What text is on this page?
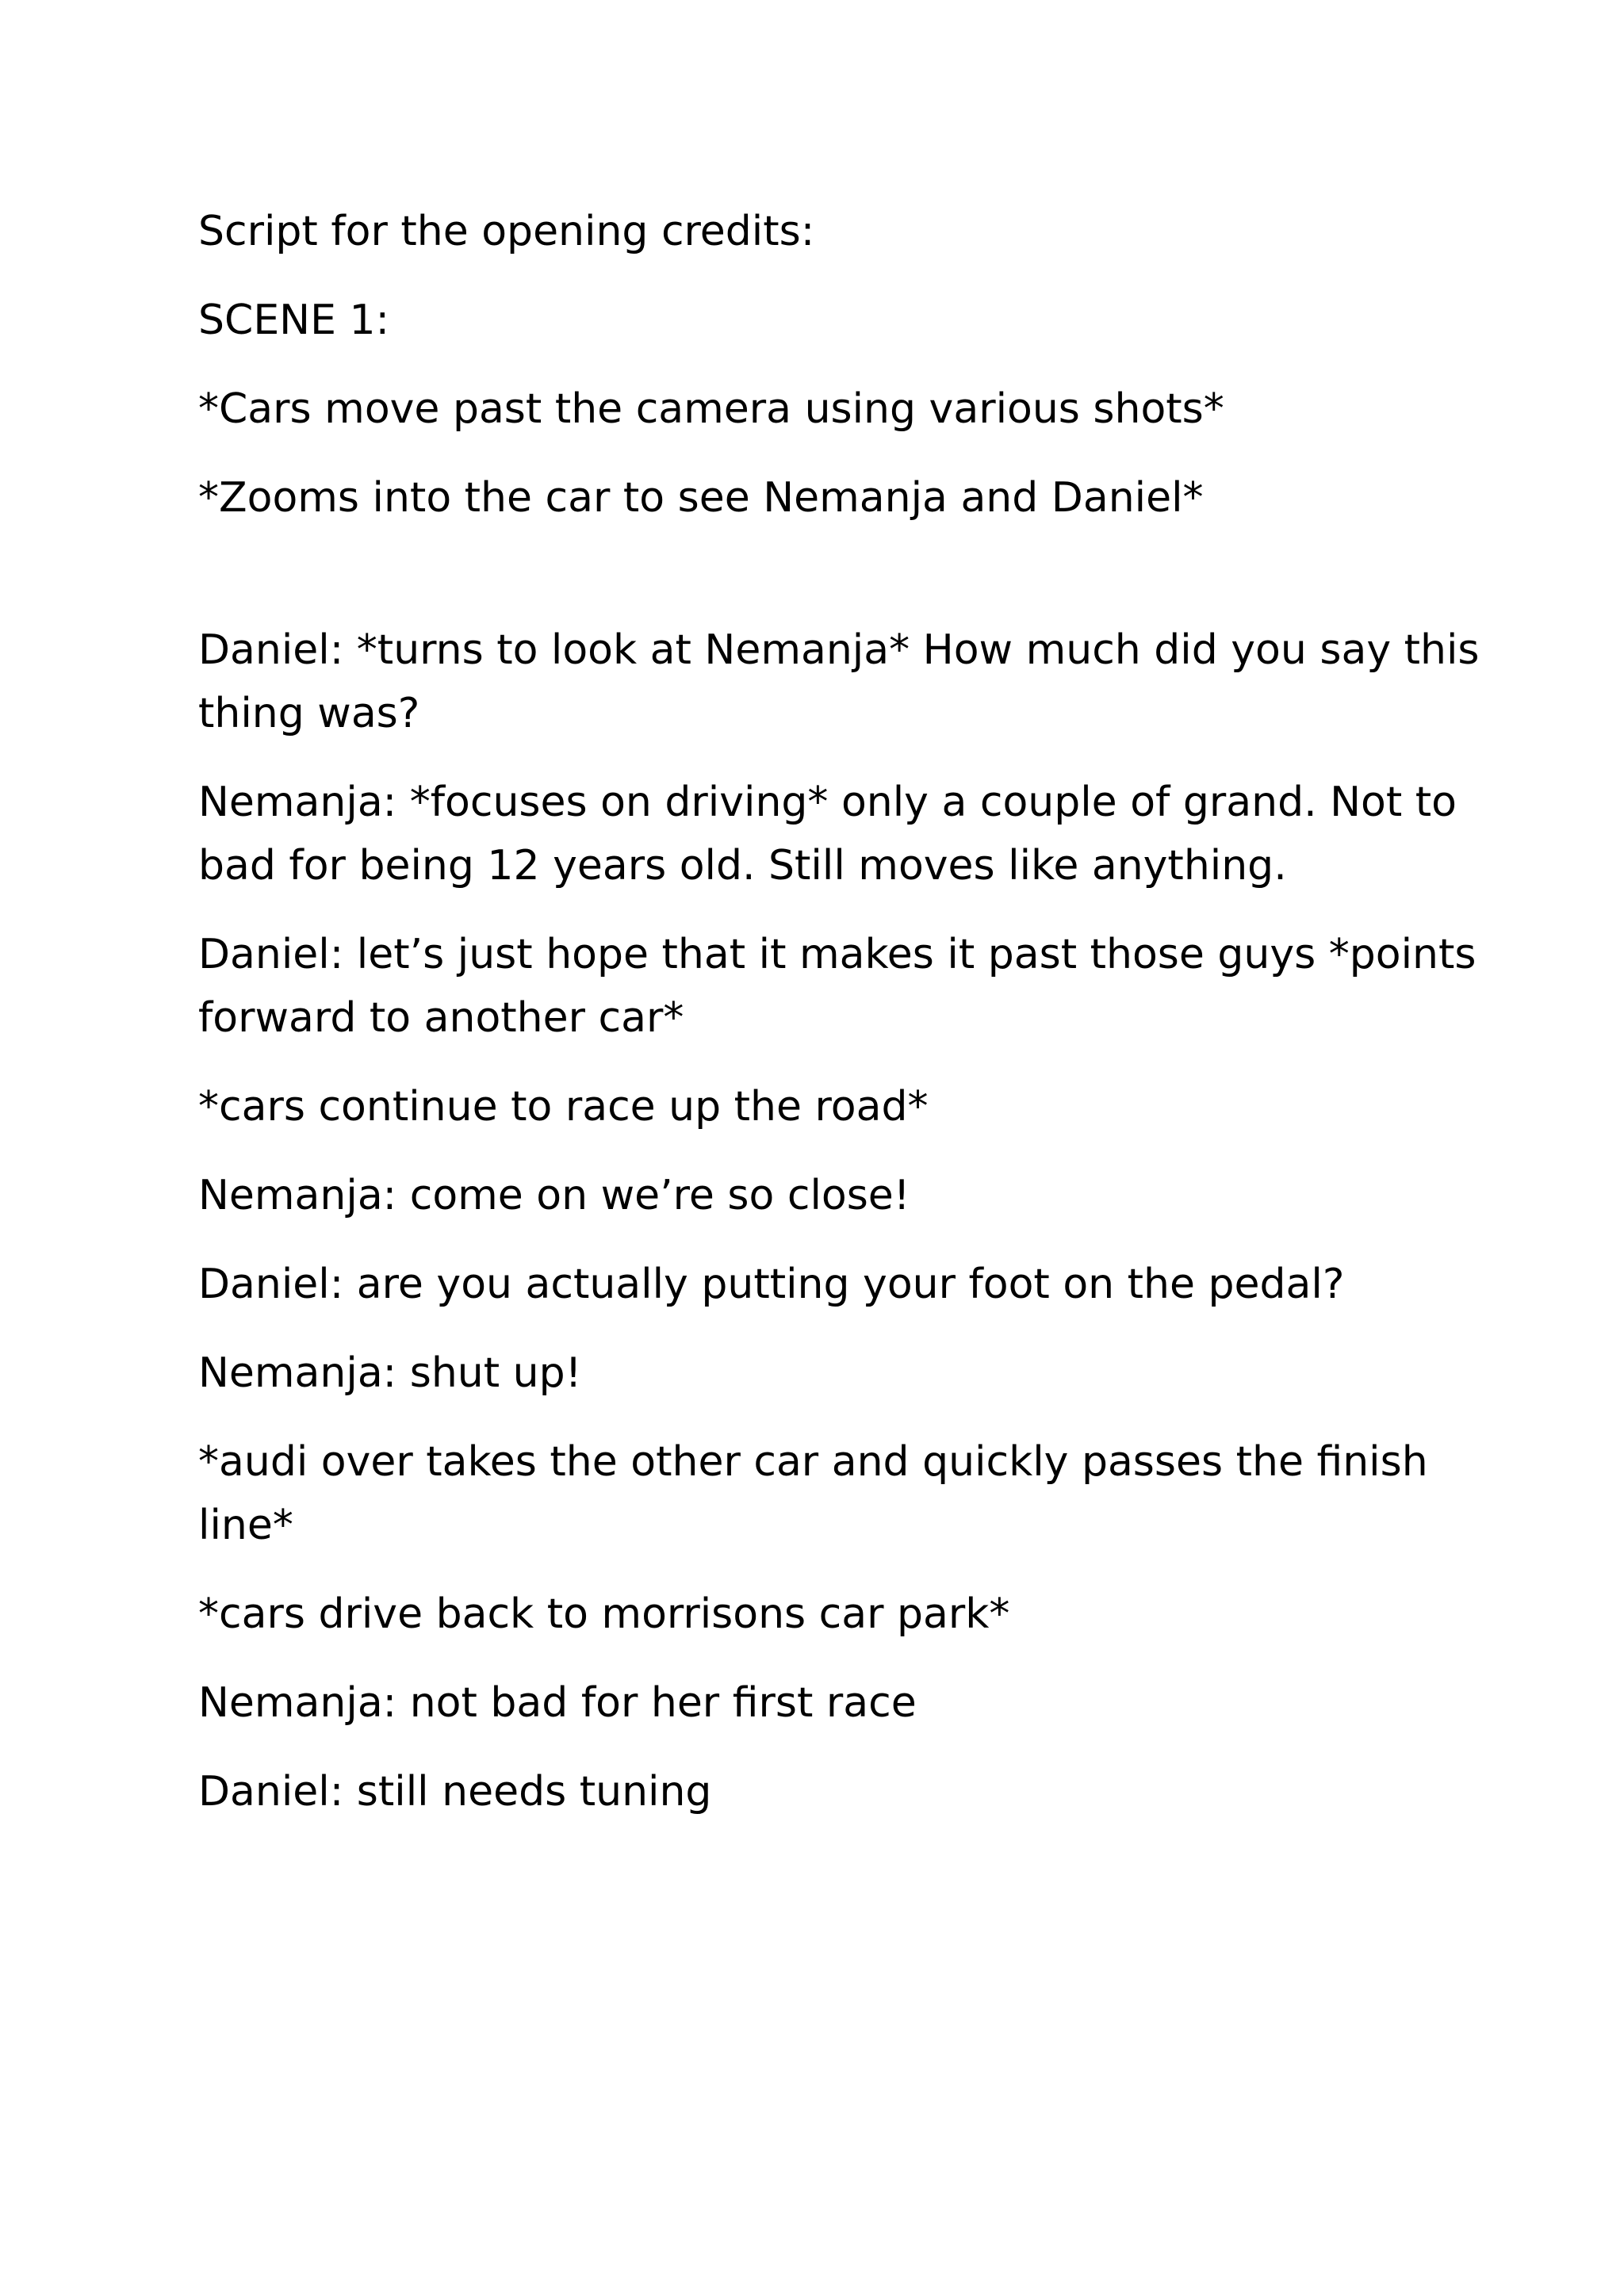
Script for the opening credits:

SCENE 1:

*Cars move past the camera using various shots*

*Zooms into the car to see Nemanja and Daniel*

Daniel: *turns to look at Nemanja* How much did you say this thing was?

Nemanja: *focuses on driving* only a couple of grand. Not to bad for being 12 years old. Still moves like anything.

Daniel: let’s just hope that it makes it past those guys *points forward to another car*

*cars continue to race up the road*

Nemanja: come on we’re so close!

Daniel: are you actually putting your foot on the pedal?

Nemanja: shut up!

*audi over takes the other car and quickly passes the finish line*

*cars drive back to morrisons car park*

Nemanja: not bad for her first race

Daniel: still needs tuning
